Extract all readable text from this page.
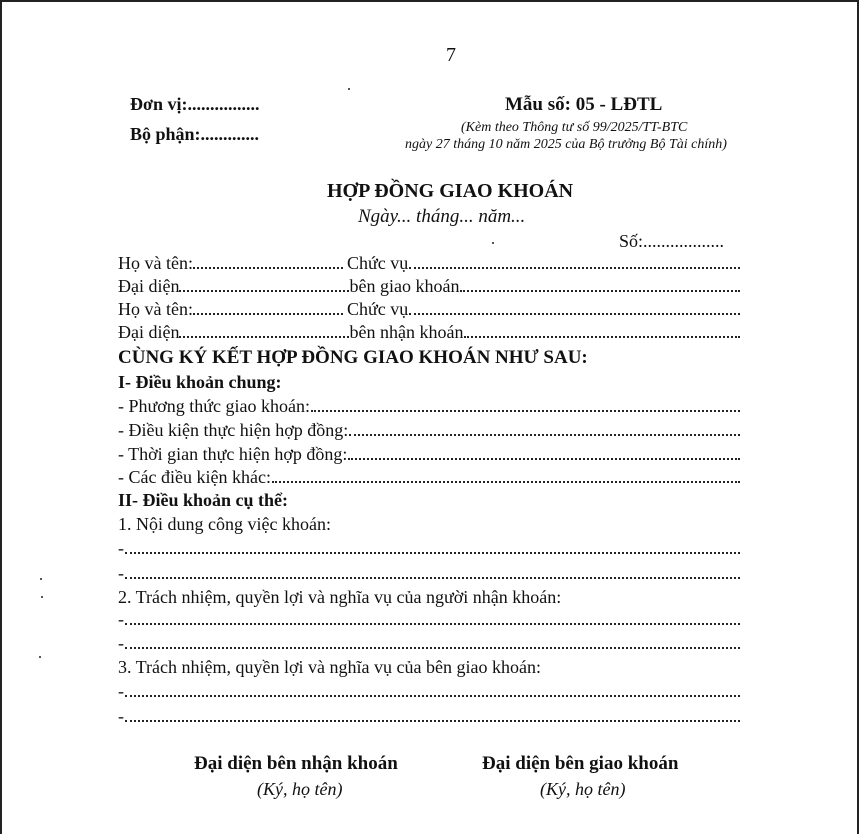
7
Đơn vị:................
Bộ phận:.............
Mẫu số: 05 - LĐTL
(Kèm theo Thông tư số 99/2025/TT-BTC
ngày 27 tháng 10 năm 2025 của Bộ trưởng Bộ Tài chính)
HỢP ĐỒNG GIAO KHOÁN
Ngày... tháng... năm...
Số:..................
Họ và tên:	Chức vụ
Đại diện	bên giao khoán
Họ và tên:	Chức vụ
Đại diện	bên nhận khoán
CÙNG KÝ KẾT HỢP ĐỒNG GIAO KHOÁN NHƯ SAU:
I- Điều khoản chung:
- Phương thức giao khoán:
- Điều kiện thực hiện hợp đồng:
- Thời gian thực hiện hợp đồng:
- Các điều kiện khác:
II- Điều khoản cụ thể:
1. Nội dung công việc khoán:
-
-
2. Trách nhiệm, quyền lợi và nghĩa vụ của người nhận khoán:
-
-
3. Trách nhiệm, quyền lợi và nghĩa vụ của bên giao khoán:
-
-
Đại diện bên nhận khoán
(Ký, họ tên)
Đại diện bên giao khoán
(Ký, họ tên)
